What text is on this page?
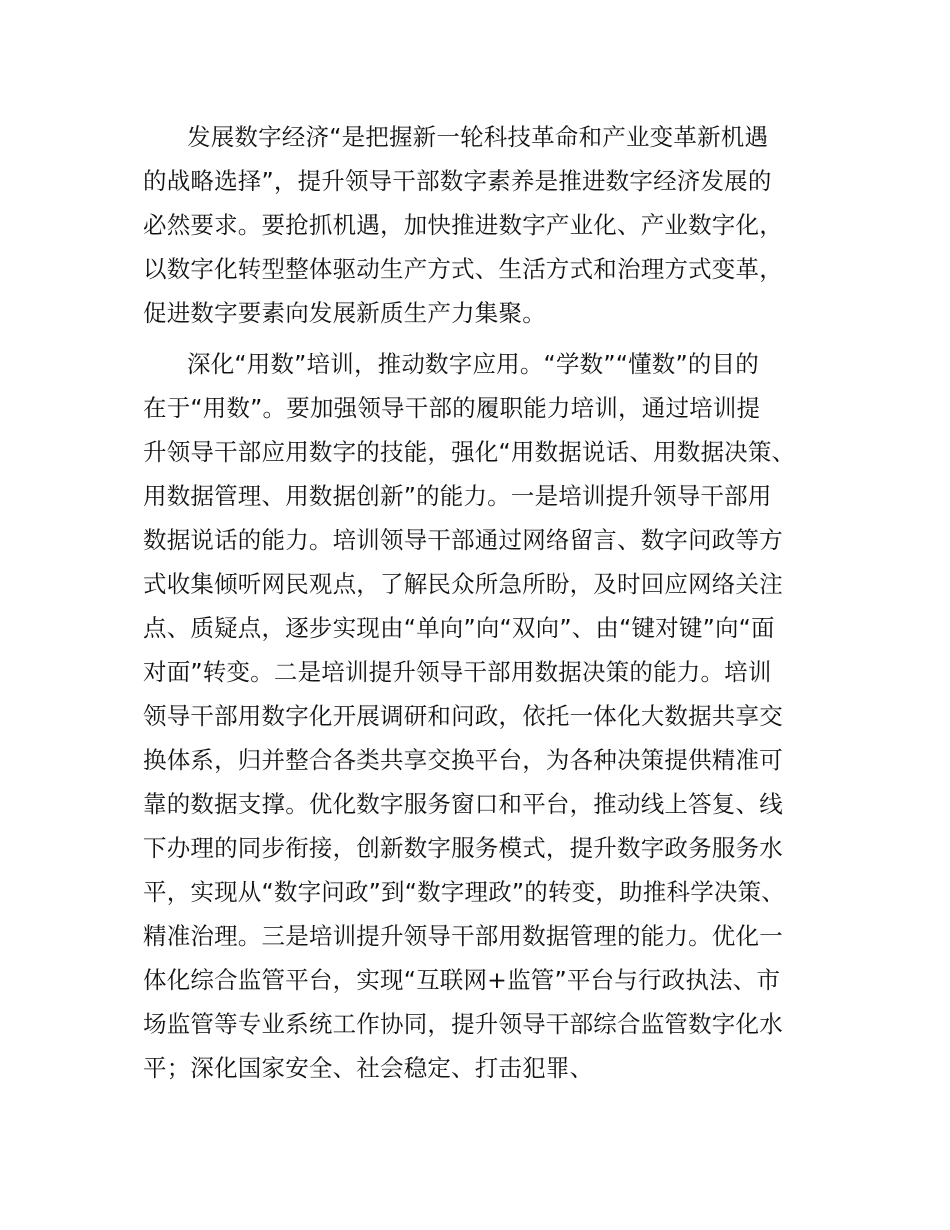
发展数字经济“是把握新一轮科技革命和产业变革新机遇
的战略选择”，提升领导干部数字素养是推进数字经济发展的
必然要求。要抢抓机遇，加快推进数字产业化、产业数字化，
以数字化转型整体驱动生产方式、生活方式和治理方式变革，
促进数字要素向发展新质生产力集聚。
深化“用数”培训，推动数字应用。“学数”“懂数”的目的
在于“用数”。要加强领导干部的履职能力培训，通过培训提
升领导干部应用数字的技能，强化“用数据说话、用数据决策、
用数据管理、用数据创新”的能力。一是培训提升领导干部用
数据说话的能力。培训领导干部通过网络留言、数字问政等方
式收集倾听网民观点，了解民众所急所盼，及时回应网络关注
点、质疑点，逐步实现由“单向”向“双向”、由“键对键”向“面
对面”转变。二是培训提升领导干部用数据决策的能力。培训
领导干部用数字化开展调研和问政，依托一体化大数据共享交
换体系，归并整合各类共享交换平台，为各种决策提供精准可
靠的数据支撑。优化数字服务窗口和平台，推动线上答复、线
下办理的同步衔接，创新数字服务模式，提升数字政务服务水
平，实现从“数字问政”到“数字理政”的转变，助推科学决策、
精准治理。三是培训提升领导干部用数据管理的能力。优化一
体化综合监管平台，实现“互联网+监管”平台与行政执法、市
场监管等专业系统工作协同，提升领导干部综合监管数字化水
平；深化国家安全、社会稳定、打击犯罪、
